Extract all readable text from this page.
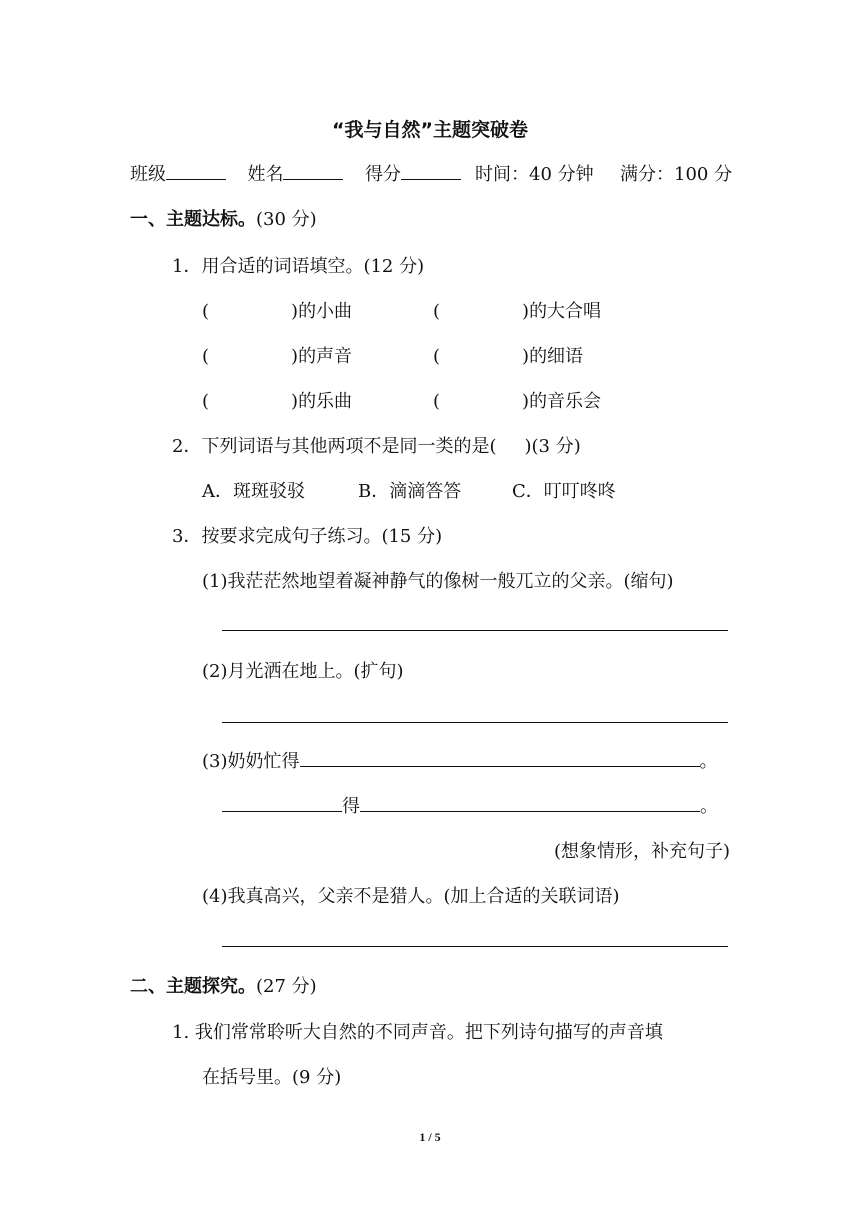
“我与自然”主题突破卷
班级	姓名	得分	时间：40 分钟 满分：100 分
一、主题达标。(30 分)
1．用合适的词语填空。(12 分)
(	)的小曲	(	)的大合唱
(	)的声音	(	)的细语
(	)的乐曲	(	)的音乐会
2．下列词语与其他两项不是同一类的是( )(3 分)
A．斑斑驳驳	B．滴滴答答	C．叮叮咚咚
3．按要求完成句子练习。(15 分)
(1)我茫茫然地望着凝神静气的像树一般兀立的父亲。(缩句)
(2)月光洒在地上。(扩句)
(3)奶奶忙得	。
得	。
(想象情形，补充句子)
(4)我真高兴，父亲不是猎人。(加上合适的关联词语)
二、主题探究。(27 分)
1. 我们常常聆听大自然的不同声音。把下列诗句描写的声音填
在括号里。(9 分)
1 / 5
